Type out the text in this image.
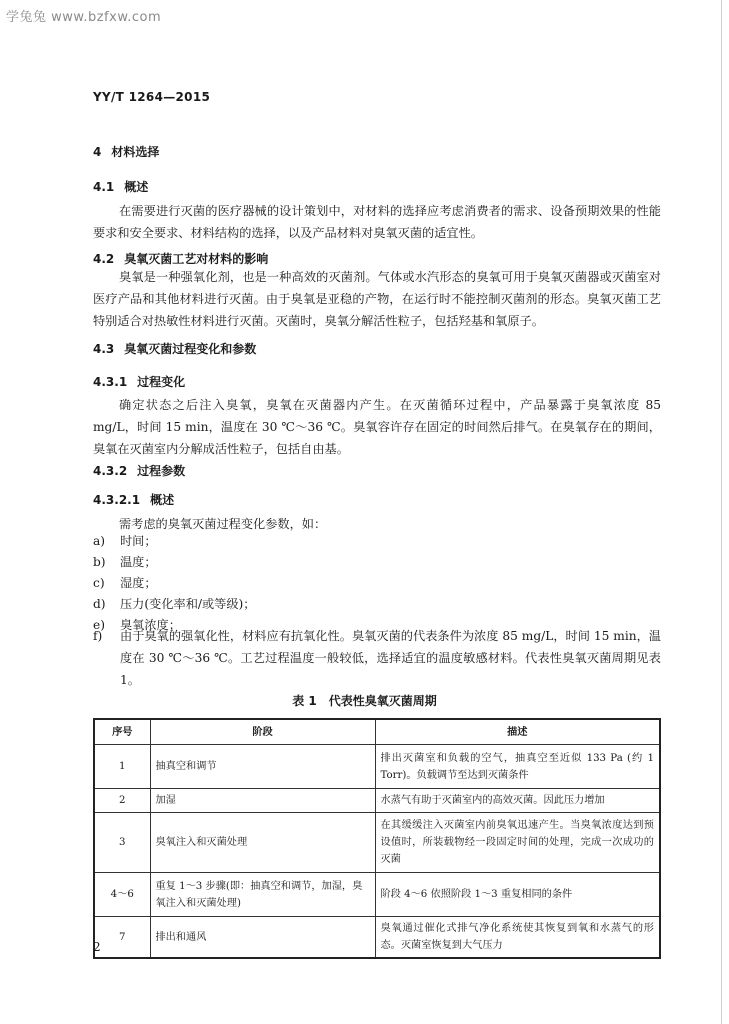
学兔兔 www.bzfxw.com
YY/T 1264—2015
4 材料选择
4.1 概述
在需要进行灭菌的医疗器械的设计策划中，对材料的选择应考虑消费者的需求、设备预期效果的性能要求和安全要求、材料结构的选择，以及产品材料对臭氧灭菌的适宜性。
4.2 臭氧灭菌工艺对材料的影响
臭氧是一种强氧化剂，也是一种高效的灭菌剂。气体或水汽形态的臭氧可用于臭氧灭菌器或灭菌室对医疗产品和其他材料进行灭菌。由于臭氧是亚稳的产物，在运行时不能控制灭菌剂的形态。臭氧灭菌工艺特别适合对热敏性材料进行灭菌。灭菌时，臭氧分解活性粒子，包括羟基和氧原子。
4.3 臭氧灭菌过程变化和参数
4.3.1 过程变化
确定状态之后注入臭氧，臭氧在灭菌器内产生。在灭菌循环过程中，产品暴露于臭氧浓度 85 mg/L，时间 15 min，温度在 30 ℃～36 ℃。臭氧容许存在固定的时间然后排气。在臭氧存在的期间，臭氧在灭菌室内分解成活性粒子，包括自由基。
4.3.2 过程参数
4.3.2.1 概述
需考虑的臭氧灭菌过程变化参数，如：
a) 时间；
b) 温度；
c) 湿度；
d) 压力(变化率和/或等级)；
e) 臭氧浓度；
f) 由于臭氧的强氧化性，材料应有抗氧化性。臭氧灭菌的代表条件为浓度 85 mg/L，时间 15 min，温度在 30 ℃～36 ℃。工艺过程温度一般较低，选择适宜的温度敏感材料。代表性臭氧灭菌周期见表 1。
表 1　代表性臭氧灭菌周期
序号	阶段	描述
1	抽真空和调节	排出灭菌室和负载的空气，抽真空至近似 133 Pa (约 1 Torr)。负载调节至达到灭菌条件
2	加湿	水蒸气有助于灭菌室内的高效灭菌。因此压力增加
3	臭氧注入和灭菌处理	在其缓缓注入灭菌室内前臭氧迅速产生。当臭氧浓度达到预设值时，所装载物经一段固定时间的处理，完成一次成功的灭菌
4～6	重复 1～3 步骤(即：抽真空和调节，加湿，臭氧注入和灭菌处理)	阶段 4～6 依照阶段 1～3 重复相同的条件
7	排出和通风	臭氧通过催化式排气净化系统使其恢复到氧和水蒸气的形态。灭菌室恢复到大气压力
2
